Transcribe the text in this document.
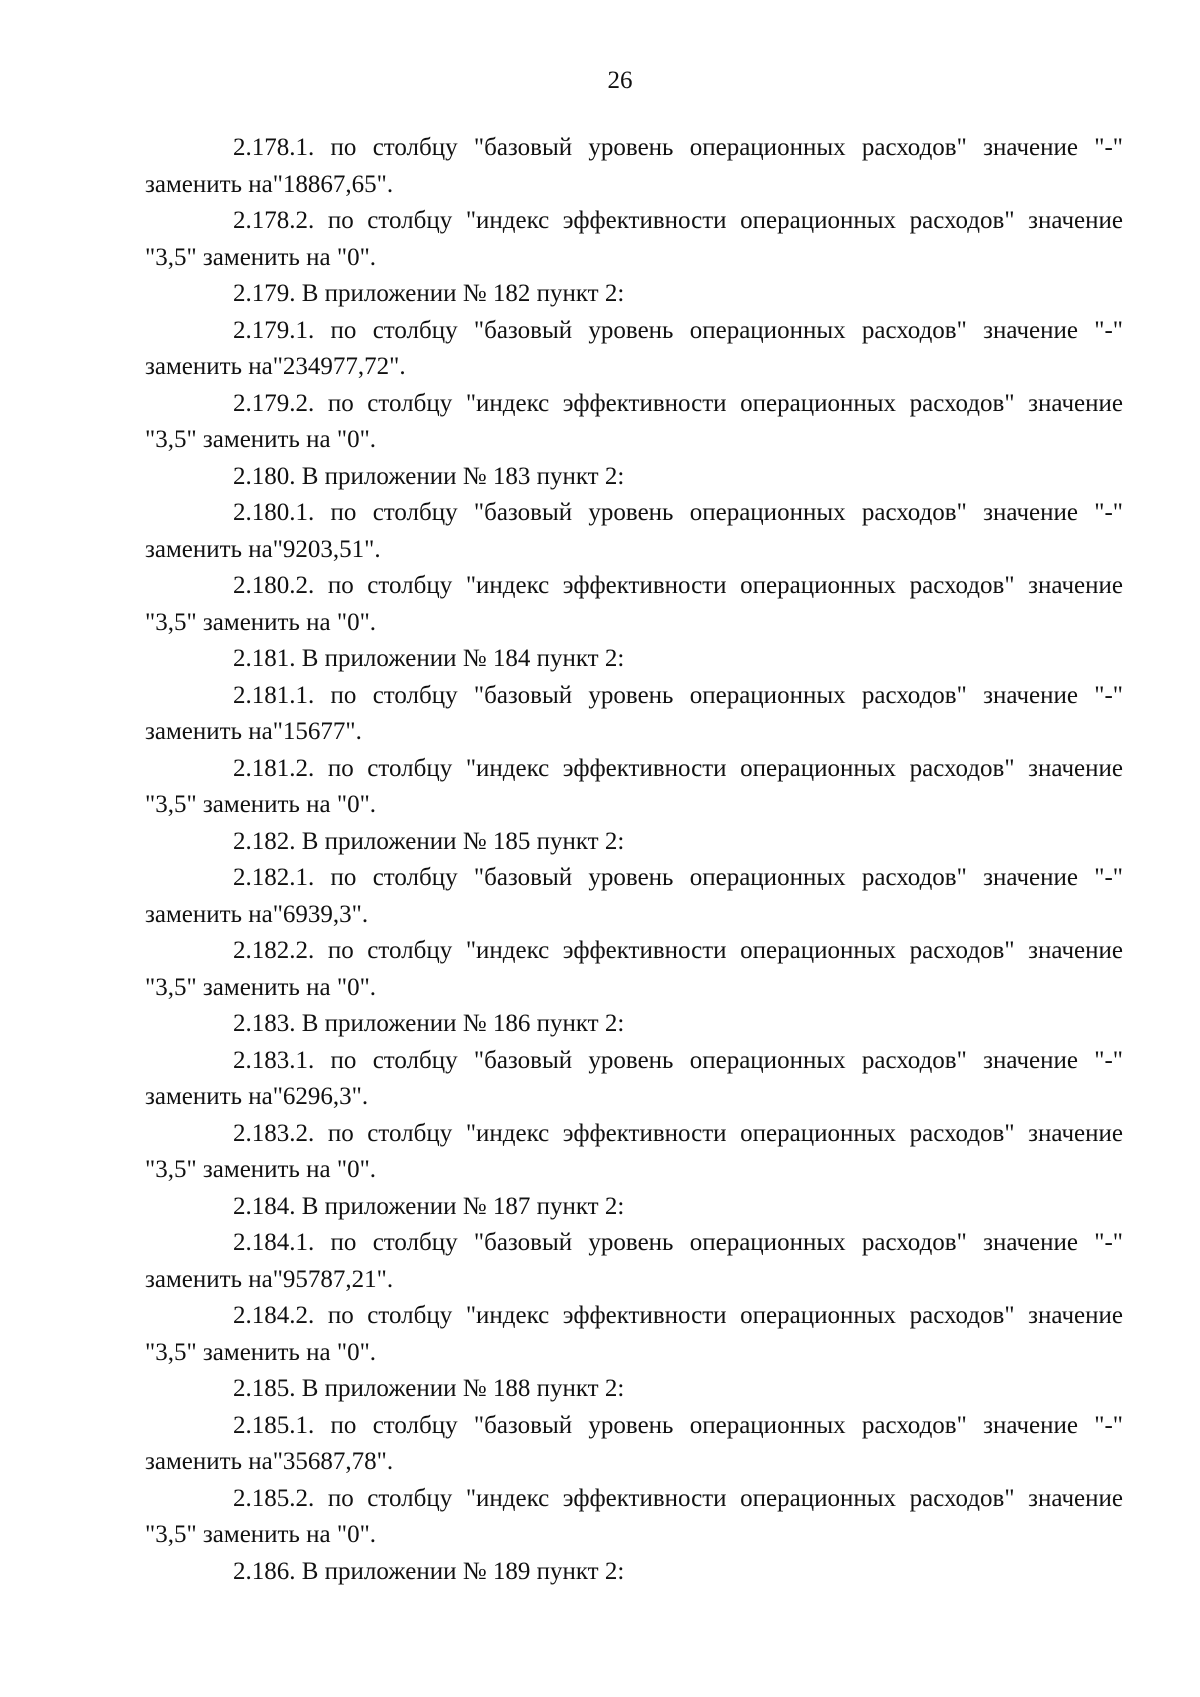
26

2.178.1. по столбцу "базовый уровень операционных расходов" значение "-" заменить на"18867,65".

2.178.2. по столбцу "индекс эффективности операционных расходов" значение "3,5" заменить на "0".

2.179. В приложении № 182 пункт 2:

2.179.1. по столбцу "базовый уровень операционных расходов" значение "-" заменить на"234977,72".

2.179.2. по столбцу "индекс эффективности операционных расходов" значение "3,5" заменить на "0".

2.180. В приложении № 183 пункт 2:

2.180.1. по столбцу "базовый уровень операционных расходов" значение "-" заменить на"9203,51".

2.180.2. по столбцу "индекс эффективности операционных расходов" значение "3,5" заменить на "0".

2.181. В приложении № 184 пункт 2:

2.181.1. по столбцу "базовый уровень операционных расходов" значение "-" заменить на"15677".

2.181.2. по столбцу "индекс эффективности операционных расходов" значение "3,5" заменить на "0".

2.182. В приложении № 185 пункт 2:

2.182.1. по столбцу "базовый уровень операционных расходов" значение "-" заменить на"6939,3".

2.182.2. по столбцу "индекс эффективности операционных расходов" значение "3,5" заменить на "0".

2.183. В приложении № 186 пункт 2:

2.183.1. по столбцу "базовый уровень операционных расходов" значение "-" заменить на"6296,3".

2.183.2. по столбцу "индекс эффективности операционных расходов" значение "3,5" заменить на "0".

2.184. В приложении № 187 пункт 2:

2.184.1. по столбцу "базовый уровень операционных расходов" значение "-" заменить на"95787,21".

2.184.2. по столбцу "индекс эффективности операционных расходов" значение "3,5" заменить на "0".

2.185. В приложении № 188 пункт 2:

2.185.1. по столбцу "базовый уровень операционных расходов" значение "-" заменить на"35687,78".

2.185.2. по столбцу "индекс эффективности операционных расходов" значение "3,5" заменить на "0".

2.186. В приложении № 189 пункт 2:
